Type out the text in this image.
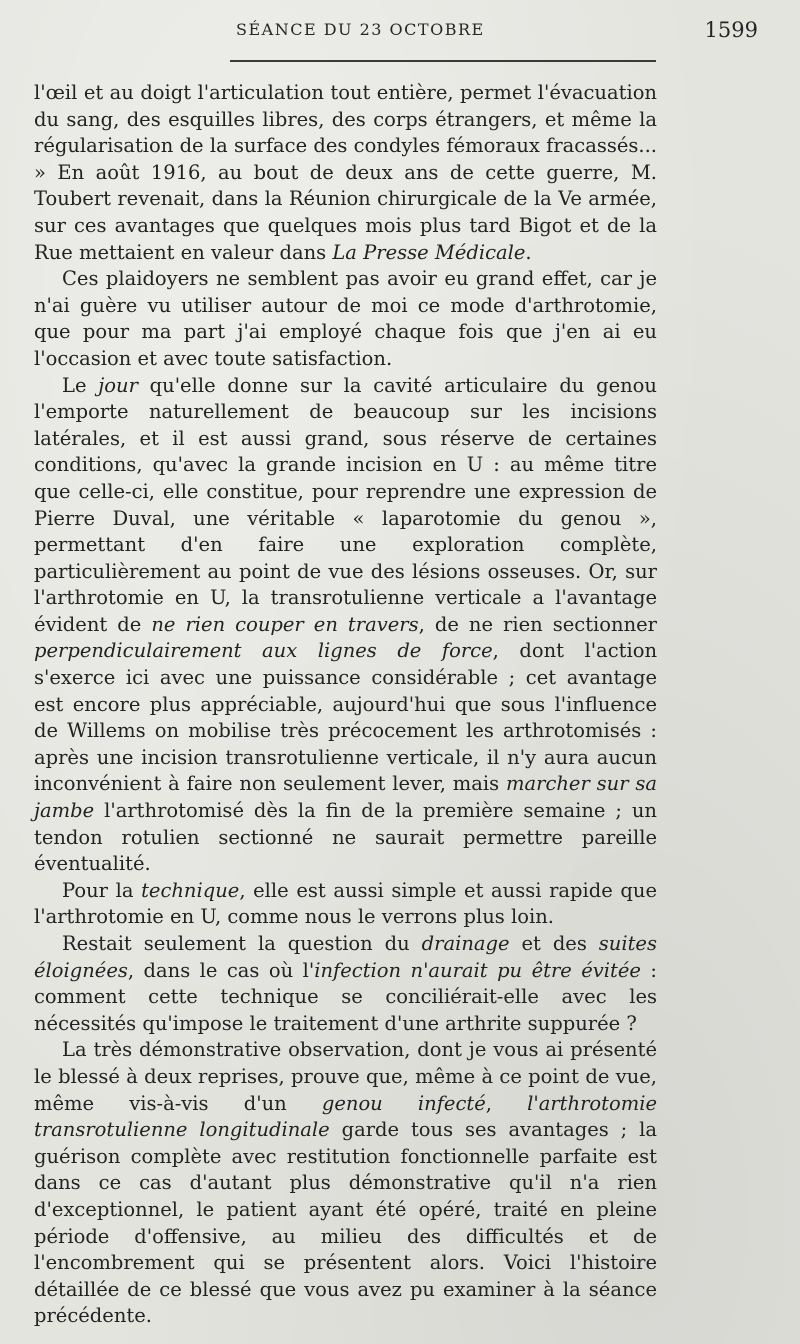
SÉANCE DU 23 OCTOBRE	1599

l'œil et au doigt l'articulation tout entière, permet l'évacuation du sang, des esquilles libres, des corps étrangers, et même la régularisation de la surface des condyles fémoraux fracassés... » En août 1916, au bout de deux ans de cette guerre, M. Toubert revenait, dans la Réunion chirurgicale de la Ve armée, sur ces avantages que quelques mois plus tard Bigot et de la Rue mettaient en valeur dans La Presse Médicale.

Ces plaidoyers ne semblent pas avoir eu grand effet, car je n'ai guère vu utiliser autour de moi ce mode d'arthrotomie, que pour ma part j'ai employé chaque fois que j'en ai eu l'occasion et avec toute satisfaction.

Le jour qu'elle donne sur la cavité articulaire du genou l'emporte naturellement de beaucoup sur les incisions latérales, et il est aussi grand, sous réserve de certaines conditions, qu'avec la grande incision en U : au même titre que celle-ci, elle constitue, pour reprendre une expression de Pierre Duval, une véritable « laparotomie du genou », permettant d'en faire une exploration complète, particulièrement au point de vue des lésions osseuses. Or, sur l'arthrotomie en U, la transrotulienne verticale a l'avantage évident de ne rien couper en travers, de ne rien sectionner perpendiculairement aux lignes de force, dont l'action s'exerce ici avec une puissance considérable ; cet avantage est encore plus appréciable, aujourd'hui que sous l'influence de Willems on mobilise très précocement les arthrotomisés : après une incision transrotulienne verticale, il n'y aura aucun inconvénient à faire non seulement lever, mais marcher sur sa jambe l'arthrotomisé dès la fin de la première semaine ; un tendon rotulien sectionné ne saurait permettre pareille éventualité.

Pour la technique, elle est aussi simple et aussi rapide que l'arthrotomie en U, comme nous le verrons plus loin.

Restait seulement la question du drainage et des suites éloignées, dans le cas où l'infection n'aurait pu être évitée : comment cette technique se conciliérait-elle avec les nécessités qu'impose le traitement d'une arthrite suppurée ?

La très démonstrative observation, dont je vous ai présenté le blessé à deux reprises, prouve que, même à ce point de vue, même vis-à-vis d'un genou infecté, l'arthrotomie transrotulienne longitudinale garde tous ses avantages ; la guérison complète avec restitution fonctionnelle parfaite est dans ce cas d'autant plus démonstrative qu'il n'a rien d'exceptionnel, le patient ayant été opéré, traité en pleine période d'offensive, au milieu des difficultés et de l'encombrement qui se présentent alors. Voici l'histoire détaillée de ce blessé que vous avez pu examiner à la séance précédente.
